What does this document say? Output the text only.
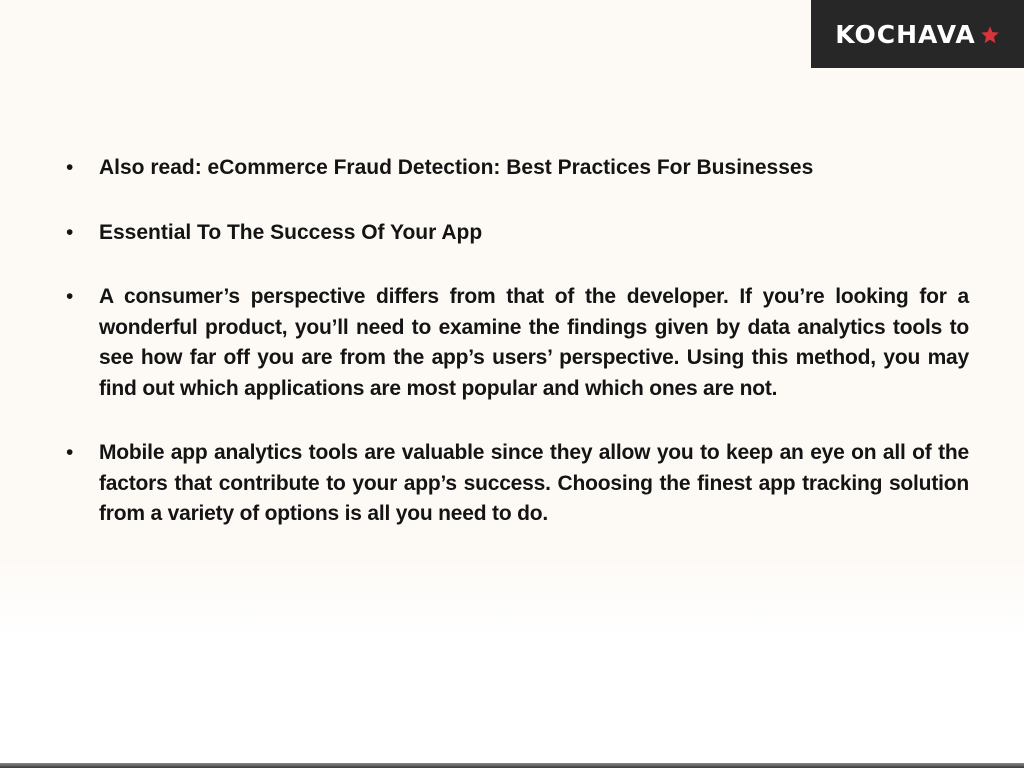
KOCHAVA

• Also read: eCommerce Fraud Detection: Best Practices For Businesses

• Essential To The Success Of Your App

• A consumer’s perspective differs from that of the developer. If you’re looking for a wonderful product, you’ll need to examine the findings given by data analytics tools to see how far off you are from the app’s users’ perspective. Using this method, you may find out which applications are most popular and which ones are not.

• Mobile app analytics tools are valuable since they allow you to keep an eye on all of the factors that contribute to your app’s success. Choosing the finest app tracking solution from a variety of options is all you need to do.
